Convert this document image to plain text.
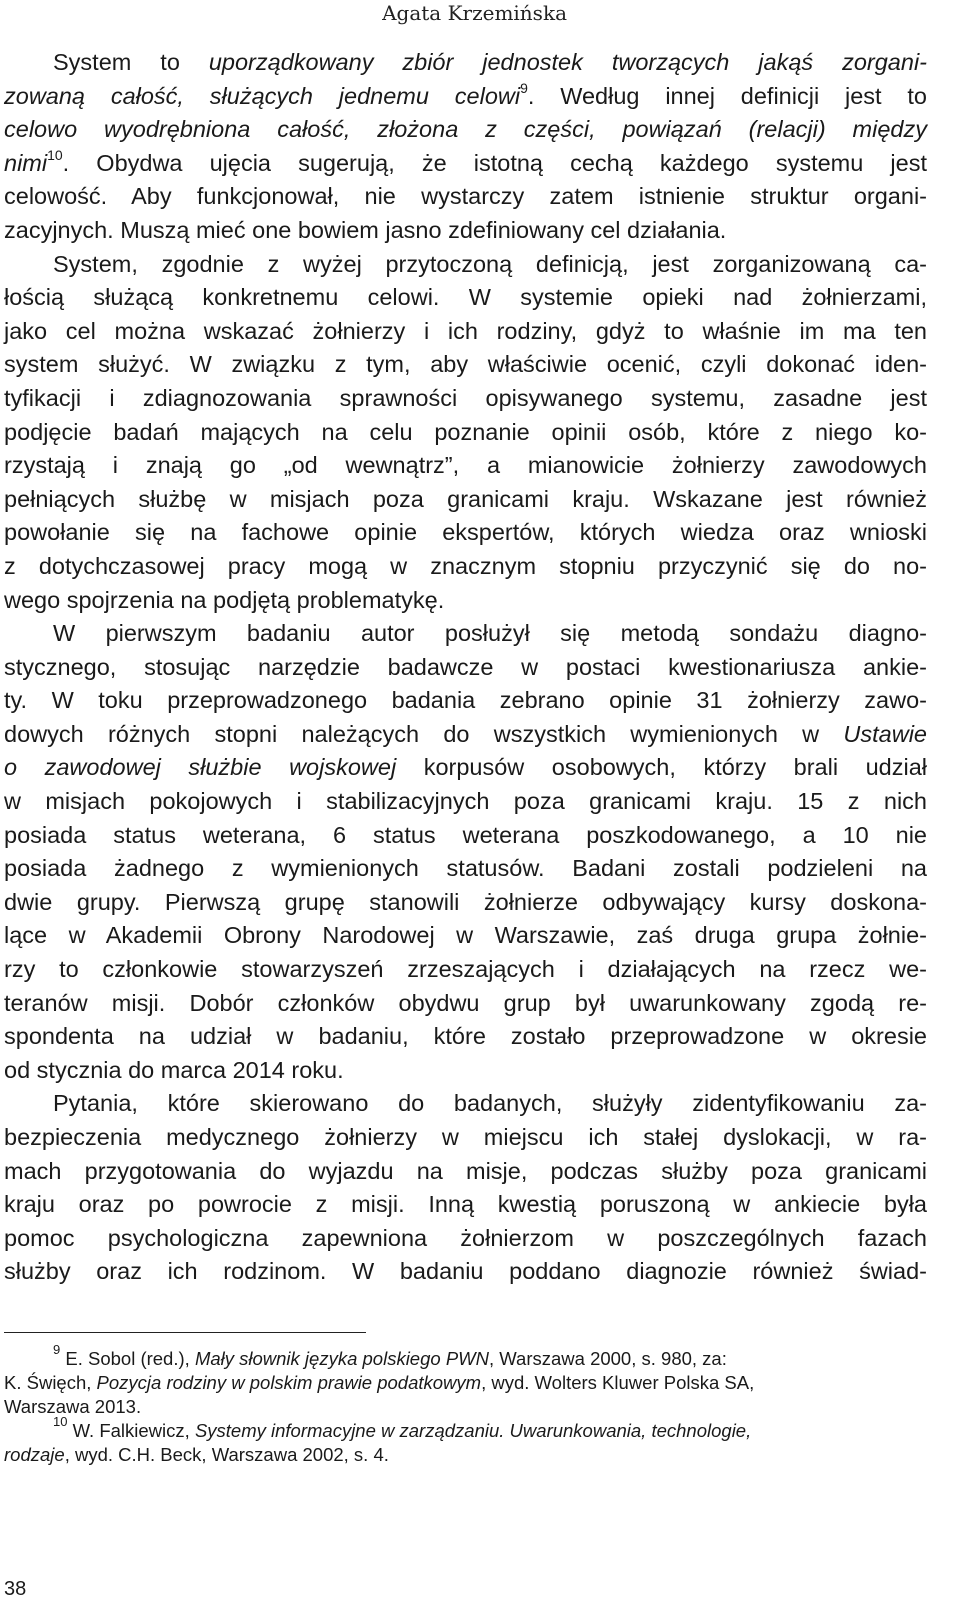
Agata Krzemińska
System to uporządkowany zbiór jednostek tworzących jakąś zorgani-
zowaną całość, służących jednemu celowi$^9$. Według innej definicji jest to
celowo wyodrębniona całość, złożona z części, powiązań (relacji) między
nimi$^{10}$. Obydwa ujęcia sugerują, że istotną cechą każdego systemu jest
celowość. Aby funkcjonował, nie wystarczy zatem istnienie struktur organi-
zacyjnych. Muszą mieć one bowiem jasno zdefiniowany cel działania.
System, zgodnie z wyżej przytoczoną definicją, jest zorganizowaną ca-
łością służącą konkretnemu celowi. W systemie opieki nad żołnierzami,
jako cel można wskazać żołnierzy i ich rodziny, gdyż to właśnie im ma ten
system służyć. W związku z tym, aby właściwie ocenić, czyli dokonać iden-
tyfikacji i zdiagnozowania sprawności opisywanego systemu, zasadne jest
podjęcie badań mających na celu poznanie opinii osób, które z niego ko-
rzystają i znają go „od wewnątrz”, a mianowicie żołnierzy zawodowych
pełniących służbę w misjach poza granicami kraju. Wskazane jest również
powołanie się na fachowe opinie ekspertów, których wiedza oraz wnioski
z dotychczasowej pracy mogą w znacznym stopniu przyczynić się do no-
wego spojrzenia na podjętą problematykę.
W pierwszym badaniu autor posłużył się metodą sondażu diagno-
stycznego, stosując narzędzie badawcze w postaci kwestionariusza ankie-
ty. W toku przeprowadzonego badania zebrano opinie 31 żołnierzy zawo-
dowych różnych stopni należących do wszystkich wymienionych w Ustawie
o zawodowej służbie wojskowej korpusów osobowych, którzy brali udział
w misjach pokojowych i stabilizacyjnych poza granicami kraju. 15 z nich
posiada status weterana, 6 status weterana poszkodowanego, a 10 nie
posiada żadnego z wymienionych statusów. Badani zostali podzieleni na
dwie grupy. Pierwszą grupę stanowili żołnierze odbywający kursy doskona-
lące w Akademii Obrony Narodowej w Warszawie, zaś druga grupa żołnie-
rzy to członkowie stowarzyszeń zrzeszających i działających na rzecz we-
teranów misji. Dobór członków obydwu grup był uwarunkowany zgodą re-
spondenta na udział w badaniu, które zostało przeprowadzone w okresie
od stycznia do marca 2014 roku.
Pytania, które skierowano do badanych, służyły zidentyfikowaniu za-
bezpieczenia medycznego żołnierzy w miejscu ich stałej dyslokacji, w ra-
mach przygotowania do wyjazdu na misje, podczas służby poza granicami
kraju oraz po powrocie z misji. Inną kwestią poruszoną w ankiecie była
pomoc psychologiczna zapewniona żołnierzom w poszczególnych fazach
służby oraz ich rodzinom. W badaniu poddano diagnozie również świad-
$^9$ E. Sobol (red.), Mały słownik języka polskiego PWN, Warszawa 2000, s. 980, za:
K. Święch, Pozycja rodziny w polskim prawie podatkowym, wyd. Wolters Kluwer Polska SA,
Warszawa 2013.
$^{10}$ W. Falkiewicz, Systemy informacyjne w zarządzaniu. Uwarunkowania, technologie,
rodzaje, wyd. C.H. Beck, Warszawa 2002, s. 4.
38
